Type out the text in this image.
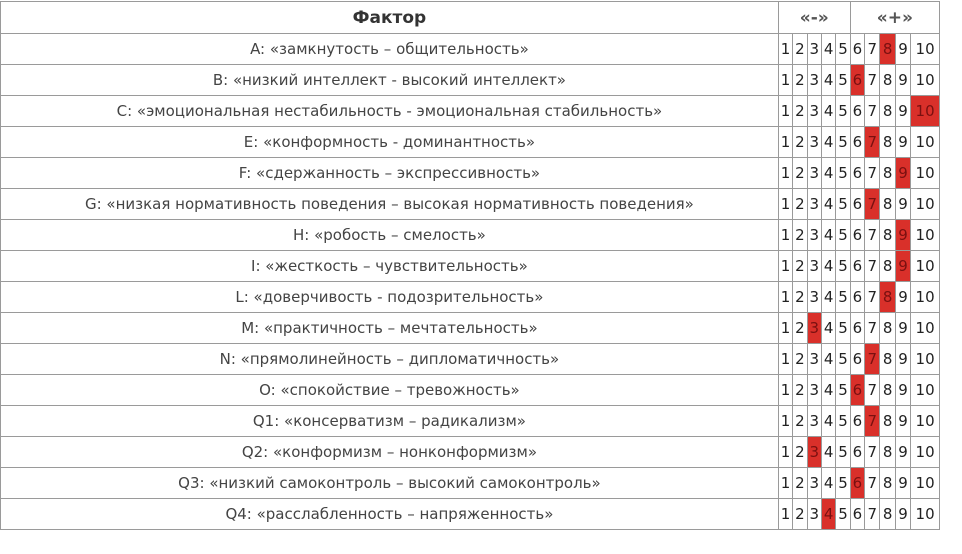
Фактор	«-»					«+»				
A: «замкнутость – общительность»	1	2	3	4	5	6	7	8	9	10
B: «низкий интеллект - высокий интеллект»	1	2	3	4	5	6	7	8	9	10
C: «эмоциональная нестабильность - эмоциональная стабильность»	1	2	3	4	5	6	7	8	9	10
E: «конформность - доминантность»	1	2	3	4	5	6	7	8	9	10
F: «сдержанность – экспрессивность»	1	2	3	4	5	6	7	8	9	10
G: «низкая нормативность поведения – высокая нормативность поведения»	1	2	3	4	5	6	7	8	9	10
H: «робость – смелость»	1	2	3	4	5	6	7	8	9	10
I: «жесткость – чувствительность»	1	2	3	4	5	6	7	8	9	10
L: «доверчивость - подозрительность»	1	2	3	4	5	6	7	8	9	10
M: «практичность – мечтательность»	1	2	3	4	5	6	7	8	9	10
N: «прямолинейность – дипломатичность»	1	2	3	4	5	6	7	8	9	10
O: «спокойствие – тревожность»	1	2	3	4	5	6	7	8	9	10
Q1: «консерватизм – радикализм»	1	2	3	4	5	6	7	8	9	10
Q2: «конформизм – нонконформизм»	1	2	3	4	5	6	7	8	9	10
Q3: «низкий самоконтроль – высокий самоконтроль»	1	2	3	4	5	6	7	8	9	10
Q4: «расслабленность – напряженность»	1	2	3	4	5	6	7	8	9	10
